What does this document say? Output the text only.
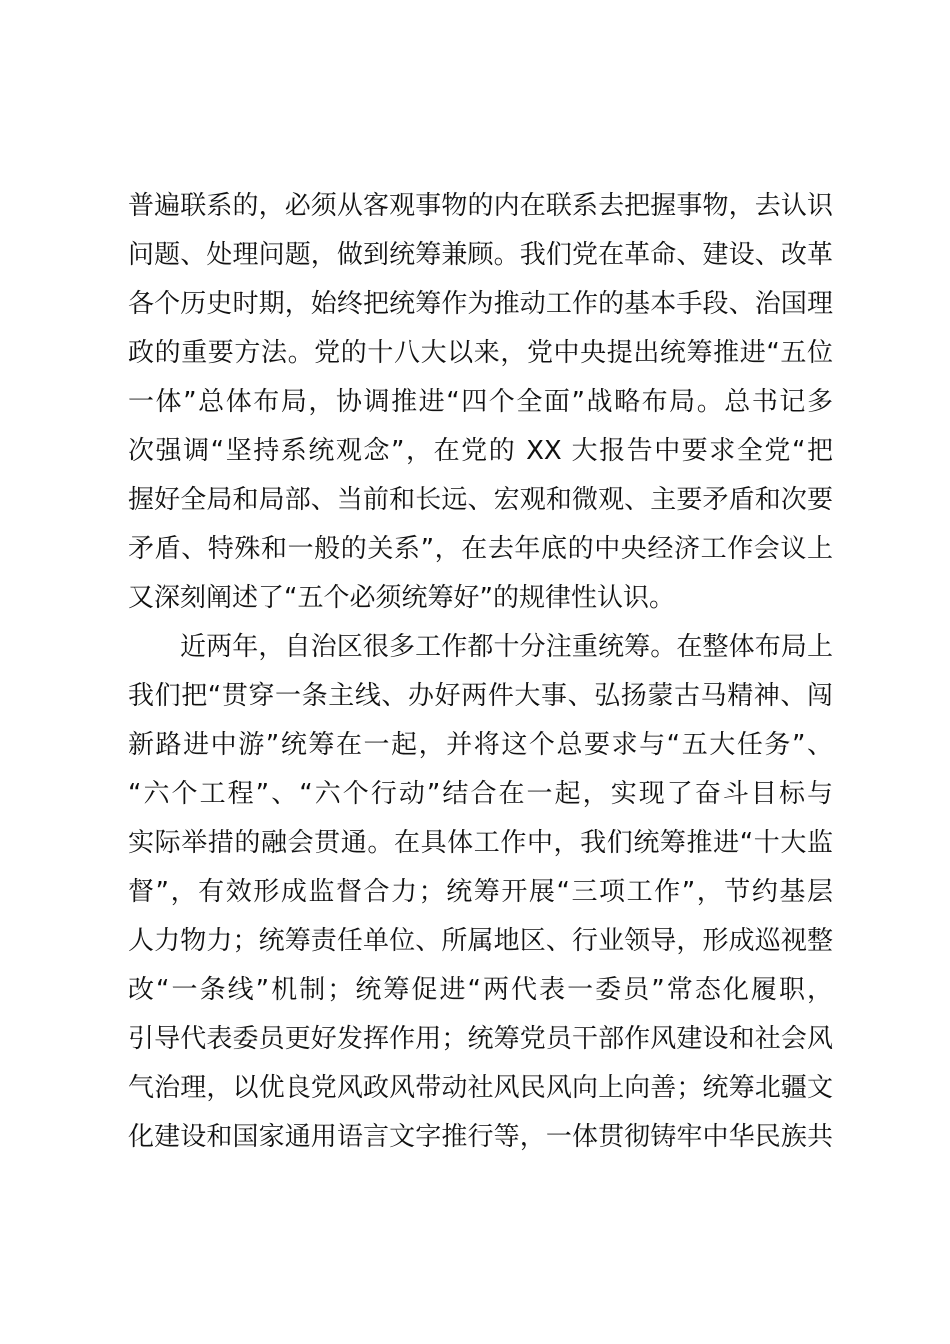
普遍联系的，必须从客观事物的内在联系去把握事物，去认识
问题、处理问题，做到统筹兼顾。我们党在革命、建设、改革
各个历史时期，始终把统筹作为推动工作的基本手段、治国理
政的重要方法。党的十八大以来，党中央提出统筹推进“五位
一体”总体布局，协调推进“四个全面”战略布局。总书记多
次强调“坚持系统观念”，在党的 XX 大报告中要求全党“把
握好全局和局部、当前和长远、宏观和微观、主要矛盾和次要
矛盾、特殊和一般的关系”，在去年底的中央经济工作会议上
又深刻阐述了“五个必须统筹好”的规律性认识。
近两年，自治区很多工作都十分注重统筹。在整体布局上
我们把“贯穿一条主线、办好两件大事、弘扬蒙古马精神、闯
新路进中游”统筹在一起，并将这个总要求与“五大任务”、
“六个工程”、“六个行动”结合在一起，实现了奋斗目标与
实际举措的融会贯通。在具体工作中，我们统筹推进“十大监
督”，有效形成监督合力；统筹开展“三项工作”，节约基层
人力物力；统筹责任单位、所属地区、行业领导，形成巡视整
改“一条线”机制；统筹促进“两代表一委员”常态化履职，
引导代表委员更好发挥作用；统筹党员干部作风建设和社会风
气治理，以优良党风政风带动社风民风向上向善；统筹北疆文
化建设和国家通用语言文字推行等，一体贯彻铸牢中华民族共
